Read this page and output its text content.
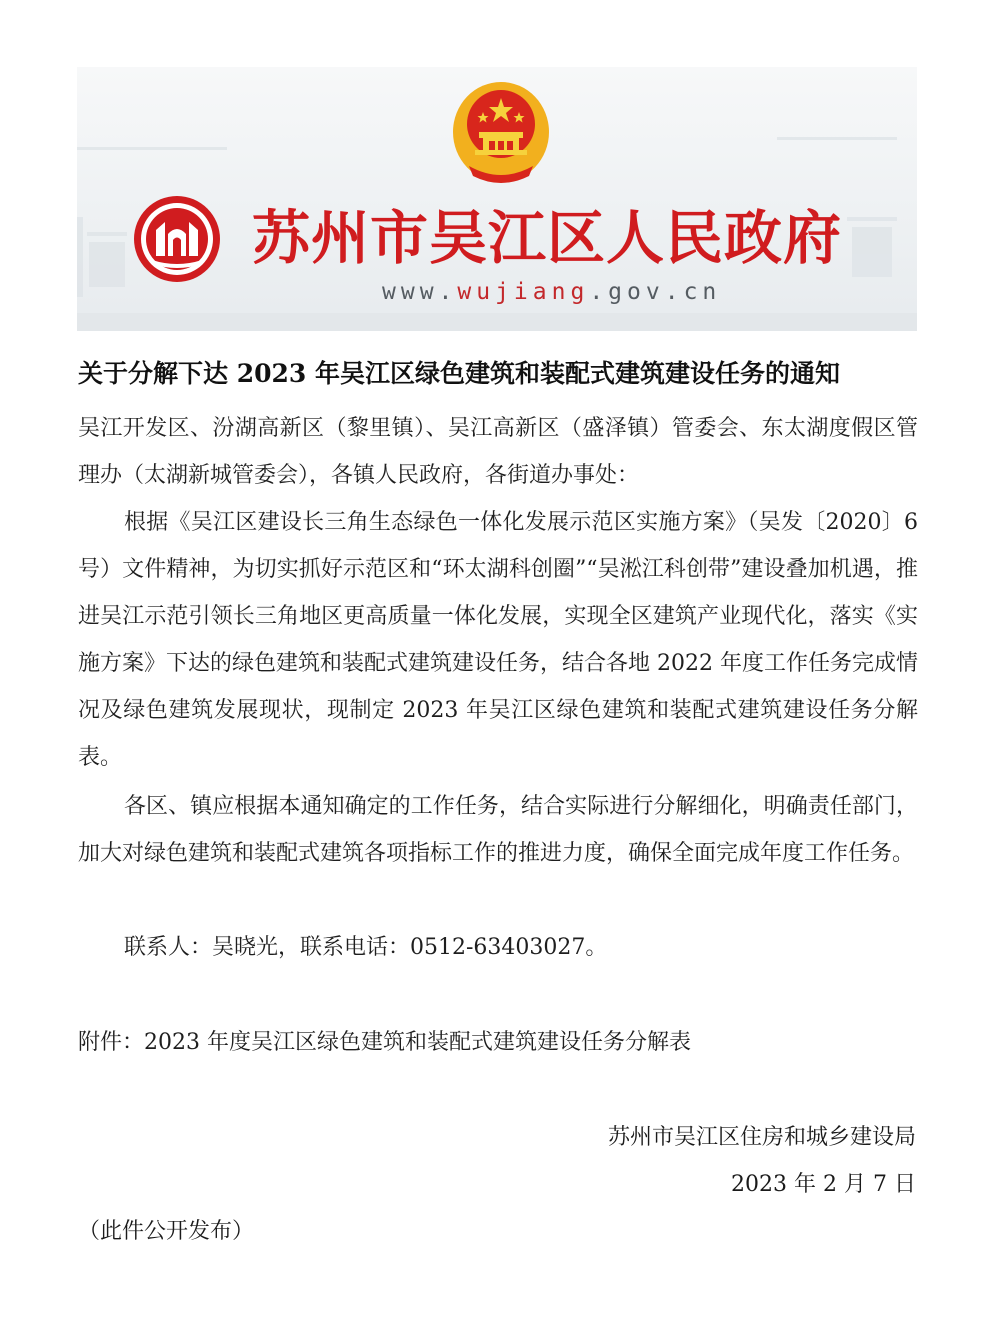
苏州市吴江区人民政府
www.wujiang.gov.cn
关于分解下达 2023 年吴江区绿色建筑和装配式建筑建设任务的通知
吴江开发区、汾湖高新区（黎里镇）、吴江高新区（盛泽镇）管委会、东太湖度假区管理办（太湖新城管委会），各镇人民政府，各街道办事处：
根据《吴江区建设长三角生态绿色一体化发展示范区实施方案》（吴发〔2020〕6 号）文件精神，为切实抓好示范区和“环太湖科创圈”“吴淞江科创带”建设叠加机遇，推进吴江示范引领长三角地区更高质量一体化发展，实现全区建筑产业现代化，落实《实施方案》下达的绿色建筑和装配式建筑建设任务，结合各地 2022 年度工作任务完成情况及绿色建筑发展现状，现制定 2023 年吴江区绿色建筑和装配式建筑建设任务分解表。
各区、镇应根据本通知确定的工作任务，结合实际进行分解细化，明确责任部门，加大对绿色建筑和装配式建筑各项指标工作的推进力度，确保全面完成年度工作任务。
联系人：吴晓光，联系电话：0512-63403027。
附件：2023 年度吴江区绿色建筑和装配式建筑建设任务分解表
苏州市吴江区住房和城乡建设局
2023 年 2 月 7 日
（此件公开发布）
